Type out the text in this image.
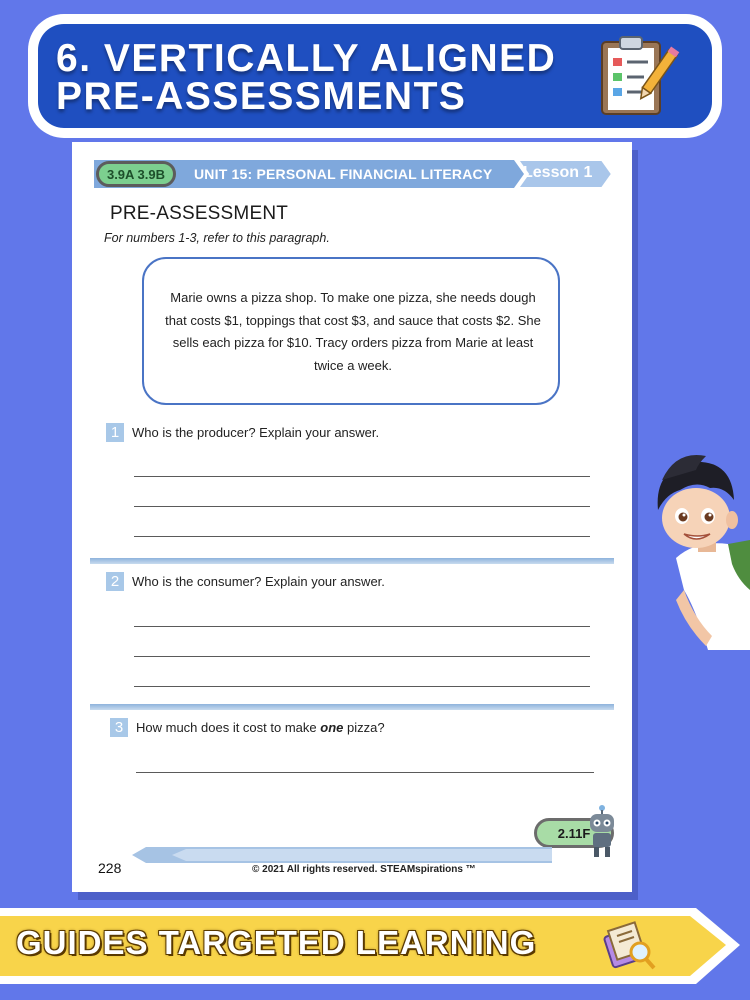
6. VERTICALLY ALIGNED
PRE-ASSESSMENTS
3.9A 3.9B	UNIT 15: PERSONAL FINANCIAL LITERACY Lesson 1
PRE-ASSESSMENT
For numbers 1-3, refer to this paragraph.
Marie owns a pizza shop. To make one pizza, she needs dough that costs $1, toppings that cost $3, and sauce that costs $2. She sells each pizza for $10. Tracy orders pizza from Marie at least twice a week.
1 Who is the producer? Explain your answer.
2 Who is the consumer? Explain your answer.
3 How much does it cost to make one pizza?
2.11F
228	© 2021 All rights reserved. STEAMspirations ™
GUIDES TARGETED LEARNING
